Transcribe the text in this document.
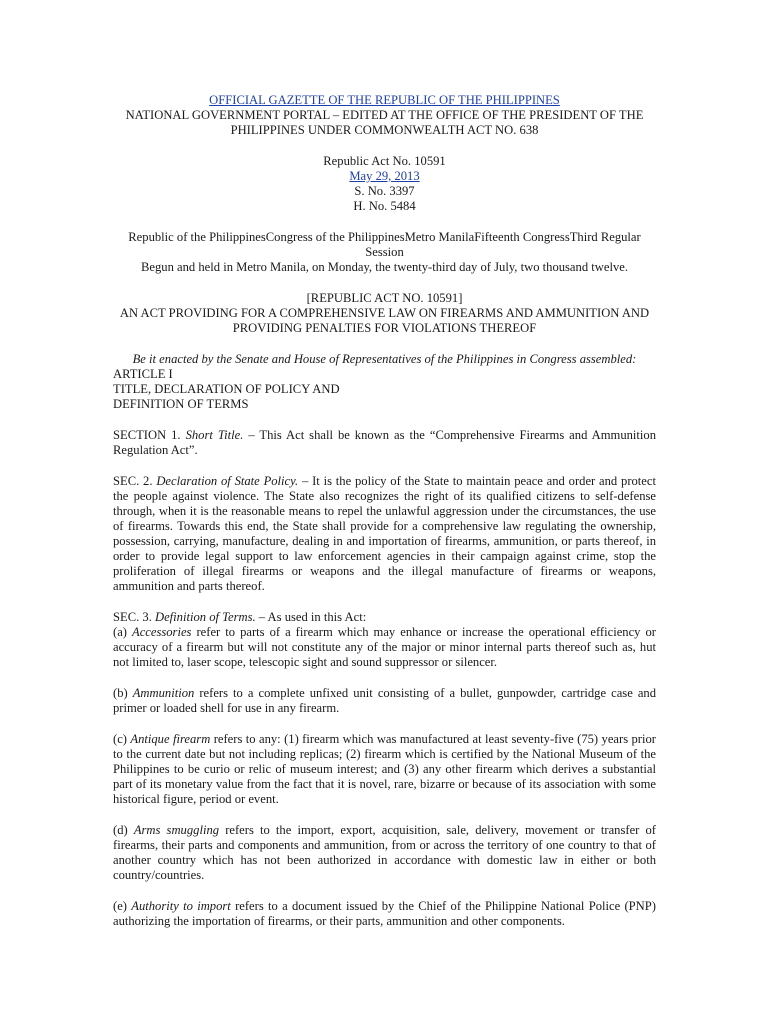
OFFICIAL GAZETTE OF THE REPUBLIC OF THE PHILIPPINES

NATIONAL GOVERNMENT PORTAL – EDITED AT THE OFFICE OF THE PRESIDENT OF THE PHILIPPINES UNDER COMMONWEALTH ACT NO. 638

Republic Act No. 10591

May 29, 2013

S. No. 3397

H. No. 5484

Republic of the PhilippinesCongress of the PhilippinesMetro ManilaFifteenth CongressThird Regular Session

Begun and held in Metro Manila, on Monday, the twenty-third day of July, two thousand twelve.

[REPUBLIC ACT NO. 10591]

AN ACT PROVIDING FOR A COMPREHENSIVE LAW ON FIREARMS AND AMMUNITION AND PROVIDING PENALTIES FOR VIOLATIONS THEREOF

Be it enacted by the Senate and House of Representatives of the Philippines in Congress assembled:

ARTICLE I

TITLE, DECLARATION OF POLICY AND

DEFINITION OF TERMS

SECTION 1. Short Title. – This Act shall be known as the “Comprehensive Firearms and Ammunition Regulation Act”.

SEC. 2. Declaration of State Policy. – It is the policy of the State to maintain peace and order and protect the people against violence. The State also recognizes the right of its qualified citizens to self-defense through, when it is the reasonable means to repel the unlawful aggression under the circumstances, the use of firearms. Towards this end, the State shall provide for a comprehensive law regulating the ownership, possession, carrying, manufacture, dealing in and importation of firearms, ammunition, or parts thereof, in order to provide legal support to law enforcement agencies in their campaign against crime, stop the proliferation of illegal firearms or weapons and the illegal manufacture of firearms or weapons, ammunition and parts thereof.

SEC. 3. Definition of Terms. – As used in this Act:

(a) Accessories refer to parts of a firearm which may enhance or increase the operational efficiency or accuracy of a firearm but will not constitute any of the major or minor internal parts thereof such as, hut not limited to, laser scope, telescopic sight and sound suppressor or silencer.

(b) Ammunition refers to a complete unfixed unit consisting of a bullet, gunpowder, cartridge case and primer or loaded shell for use in any firearm.

(c) Antique firearm refers to any: (1) firearm which was manufactured at least seventy-five (75) years prior to the current date but not including replicas; (2) firearm which is certified by the National Museum of the Philippines to be curio or relic of museum interest; and (3) any other firearm which derives a substantial part of its monetary value from the fact that it is novel, rare, bizarre or because of its association with some historical figure, period or event.

(d) Arms smuggling refers to the import, export, acquisition, sale, delivery, movement or transfer of firearms, their parts and components and ammunition, from or across the territory of one country to that of another country which has not been authorized in accordance with domestic law in either or both country/countries.

(e) Authority to import refers to a document issued by the Chief of the Philippine National Police (PNP) authorizing the importation of firearms, or their parts, ammunition and other components.
